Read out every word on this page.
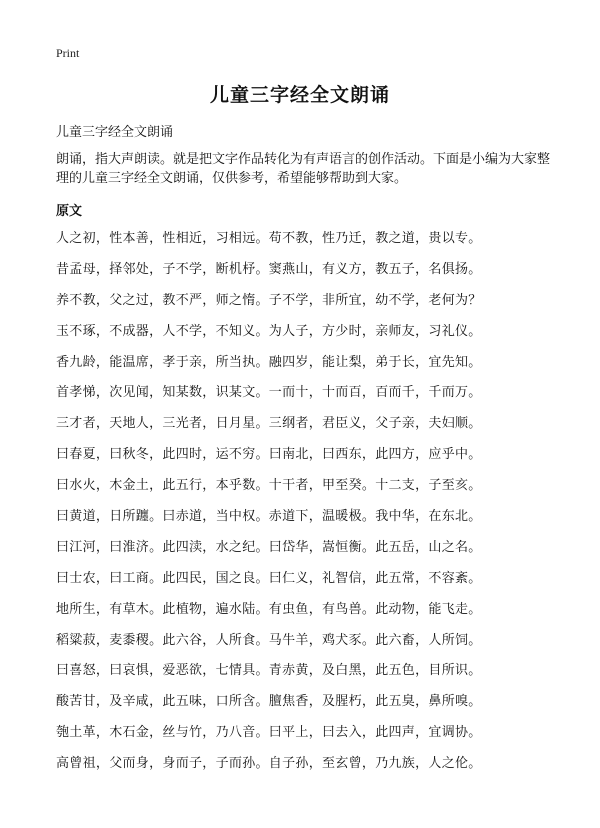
Print
儿童三字经全文朗诵
儿童三字经全文朗诵
朗诵，指大声朗读。就是把文字作品转化为有声语言的创作活动。下面是小编为大家整理的儿童三字经全文朗诵，仅供参考，希望能够帮助到大家。
原文
人之初，性本善，性相近，习相远。苟不教，性乃迁，教之道，贵以专。
昔孟母，择邻处，子不学，断机杼。窦燕山，有义方，教五子，名俱扬。
养不教，父之过，教不严，师之惰。子不学，非所宜，幼不学，老何为？
玉不琢，不成器，人不学，不知义。为人子，方少时，亲师友，习礼仪。
香九龄，能温席，孝于亲，所当执。融四岁，能让梨，弟于长，宜先知。
首孝悌，次见闻，知某数，识某文。一而十，十而百，百而千，千而万。
三才者，天地人，三光者，日月星。三纲者，君臣义，父子亲，夫妇顺。
曰春夏，曰秋冬，此四时，运不穷。曰南北，曰西东，此四方，应乎中。
曰水火，木金土，此五行，本乎数。十干者，甲至癸。十二支，子至亥。
曰黄道，日所躔。曰赤道，当中权。赤道下，温暖极。我中华，在东北。
曰江河，曰淮济。此四渎，水之纪。曰岱华，嵩恒衡。此五岳，山之名。
曰士农，曰工商。此四民，国之良。曰仁义，礼智信，此五常，不容紊。
地所生，有草木。此植物，遍水陆。有虫鱼，有鸟兽。此动物，能飞走。
稻粱菽，麦黍稷。此六谷，人所食。马牛羊，鸡犬豕。此六畜，人所饲。
曰喜怒，曰哀惧，爱恶欲，七情具。青赤黄，及白黑，此五色，目所识。
酸苦甘，及辛咸，此五味，口所含。膻焦香，及腥朽，此五臭，鼻所嗅。
匏土革，木石金，丝与竹，乃八音。曰平上，曰去入，此四声，宜调协。
高曾祖，父而身，身而子，子而孙。自子孙，至玄曾，乃九族，人之伦。
